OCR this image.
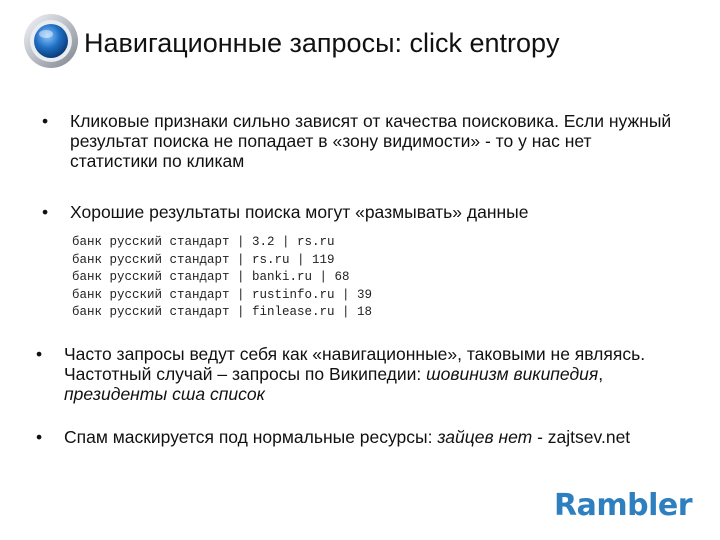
Навигационные запросы: click entropy
• Кликовые признаки сильно зависят от качества поисковика. Если нужный результат поиска не попадает в «зону видимости» - то у нас нет статистики по кликам
• Хорошие результаты поиска могут «размывать» данные
банк русский стандарт | 3.2 | rs.ru
банк русский стандарт | rs.ru | 119
банк русский стандарт | banki.ru | 68
банк русский стандарт | rustinfo.ru | 39
банк русский стандарт | finlease.ru | 18
• Часто запросы ведут себя как «навигационные», таковыми не являясь. Частотный случай – запросы по Википедии: шовинизм википедия, президенты сша список
• Спам маскируется под нормальные ресурсы: зайцев нет - zajtsev.net
Rambler
